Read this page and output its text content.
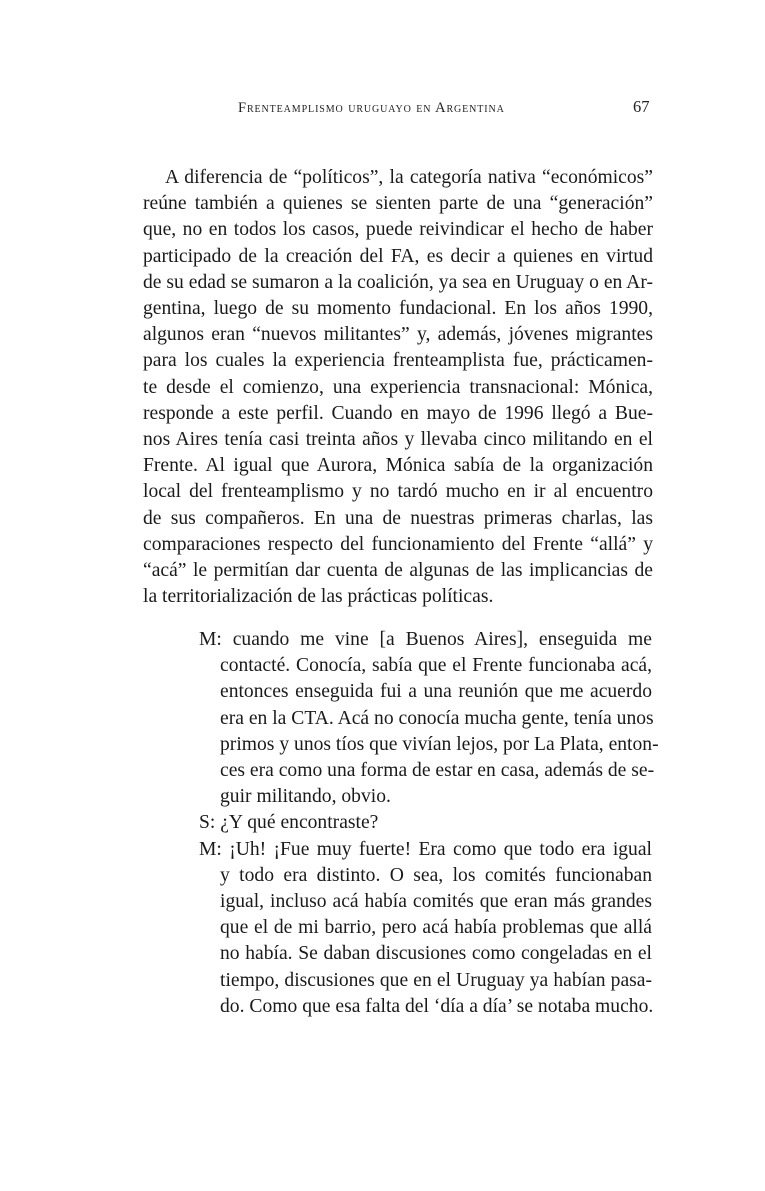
Frenteamplismo uruguayo en Argentina	67
A diferencia de “políticos”, la categoría nativa “económicos”
reúne también a quienes se sienten parte de una “generación”
que, no en todos los casos, puede reivindicar el hecho de haber
participado de la creación del FA, es decir a quienes en virtud
de su edad se sumaron a la coalición, ya sea en Uruguay o en Ar-
gentina, luego de su momento fundacional. En los años 1990,
algunos eran “nuevos militantes” y, además, jóvenes migrantes
para los cuales la experiencia frenteamplista fue, prácticamen-
te desde el comienzo, una experiencia transnacional: Mónica,
responde a este perfil. Cuando en mayo de 1996 llegó a Bue-
nos Aires tenía casi treinta años y llevaba cinco militando en el
Frente. Al igual que Aurora, Mónica sabía de la organización
local del frenteamplismo y no tardó mucho en ir al encuentro
de sus compañeros. En una de nuestras primeras charlas, las
comparaciones respecto del funcionamiento del Frente “allá” y
“acá” le permitían dar cuenta de algunas de las implicancias de
la territorialización de las prácticas políticas.
M: cuando me vine [a Buenos Aires], enseguida me
contacté. Conocía, sabía que el Frente funcionaba acá,
entonces enseguida fui a una reunión que me acuerdo
era en la CTA. Acá no conocía mucha gente, tenía unos
primos y unos tíos que vivían lejos, por La Plata, enton-
ces era como una forma de estar en casa, además de se-
guir militando, obvio.
S: ¿Y qué encontraste?
M: ¡Uh! ¡Fue muy fuerte! Era como que todo era igual
y todo era distinto. O sea, los comités funcionaban
igual, incluso acá había comités que eran más grandes
que el de mi barrio, pero acá había problemas que allá
no había. Se daban discusiones como congeladas en el
tiempo, discusiones que en el Uruguay ya habían pasa-
do. Como que esa falta del ‘día a día’ se notaba mucho.
